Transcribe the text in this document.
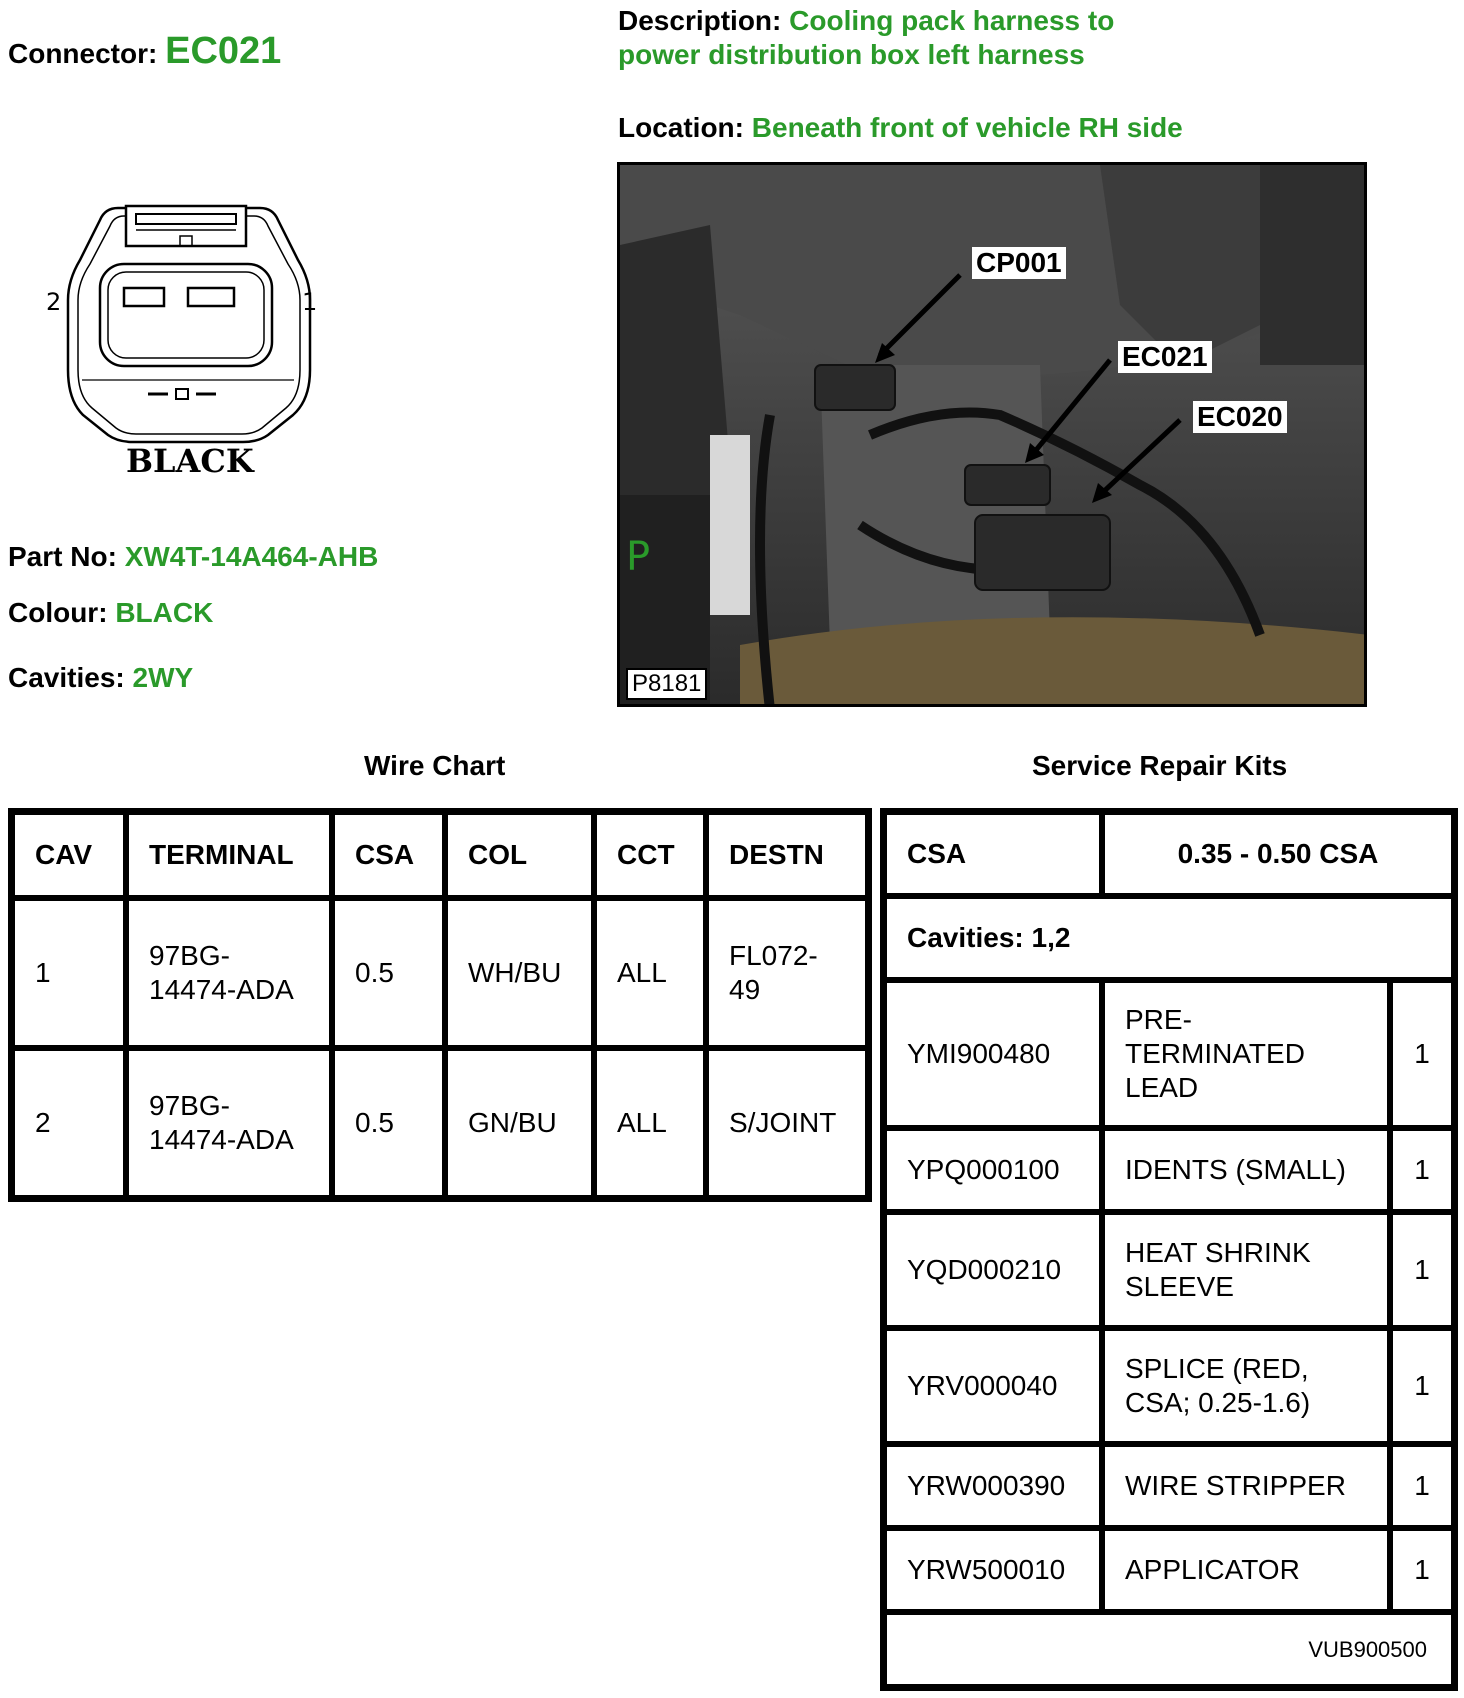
Connector: EC021
Description: Cooling pack harness to power distribution box left harness
Location: Beneath front of vehicle RH side
2	1
BLACK
Part No: XW4T-14A464-AHB
Colour: BLACK
Cavities: 2WY
P
CP001
EC021
EC020
P8181
Wire Chart	Service Repair Kits
CAV	TERMINAL	CSA	COL	CCT	DESTN
1	97BG-14474-ADA	0.5	WH/BU	ALL	FL072-49
2	97BG-14474-ADA	0.5	GN/BU	ALL	S/JOINT
CSA	0.35 - 0.50 CSA	
Cavities: 1,2		
YMI900480	PRE-TERMINATED LEAD	1
YPQ000100	IDENTS (SMALL)	1
YQD000210	HEAT SHRINK SLEEVE	1
YRV000040	SPLICE (RED, CSA; 0.25-1.6)	1
YRW000390	WIRE STRIPPER	1
YRW500010	APPLICATOR	1
VUB900500		
